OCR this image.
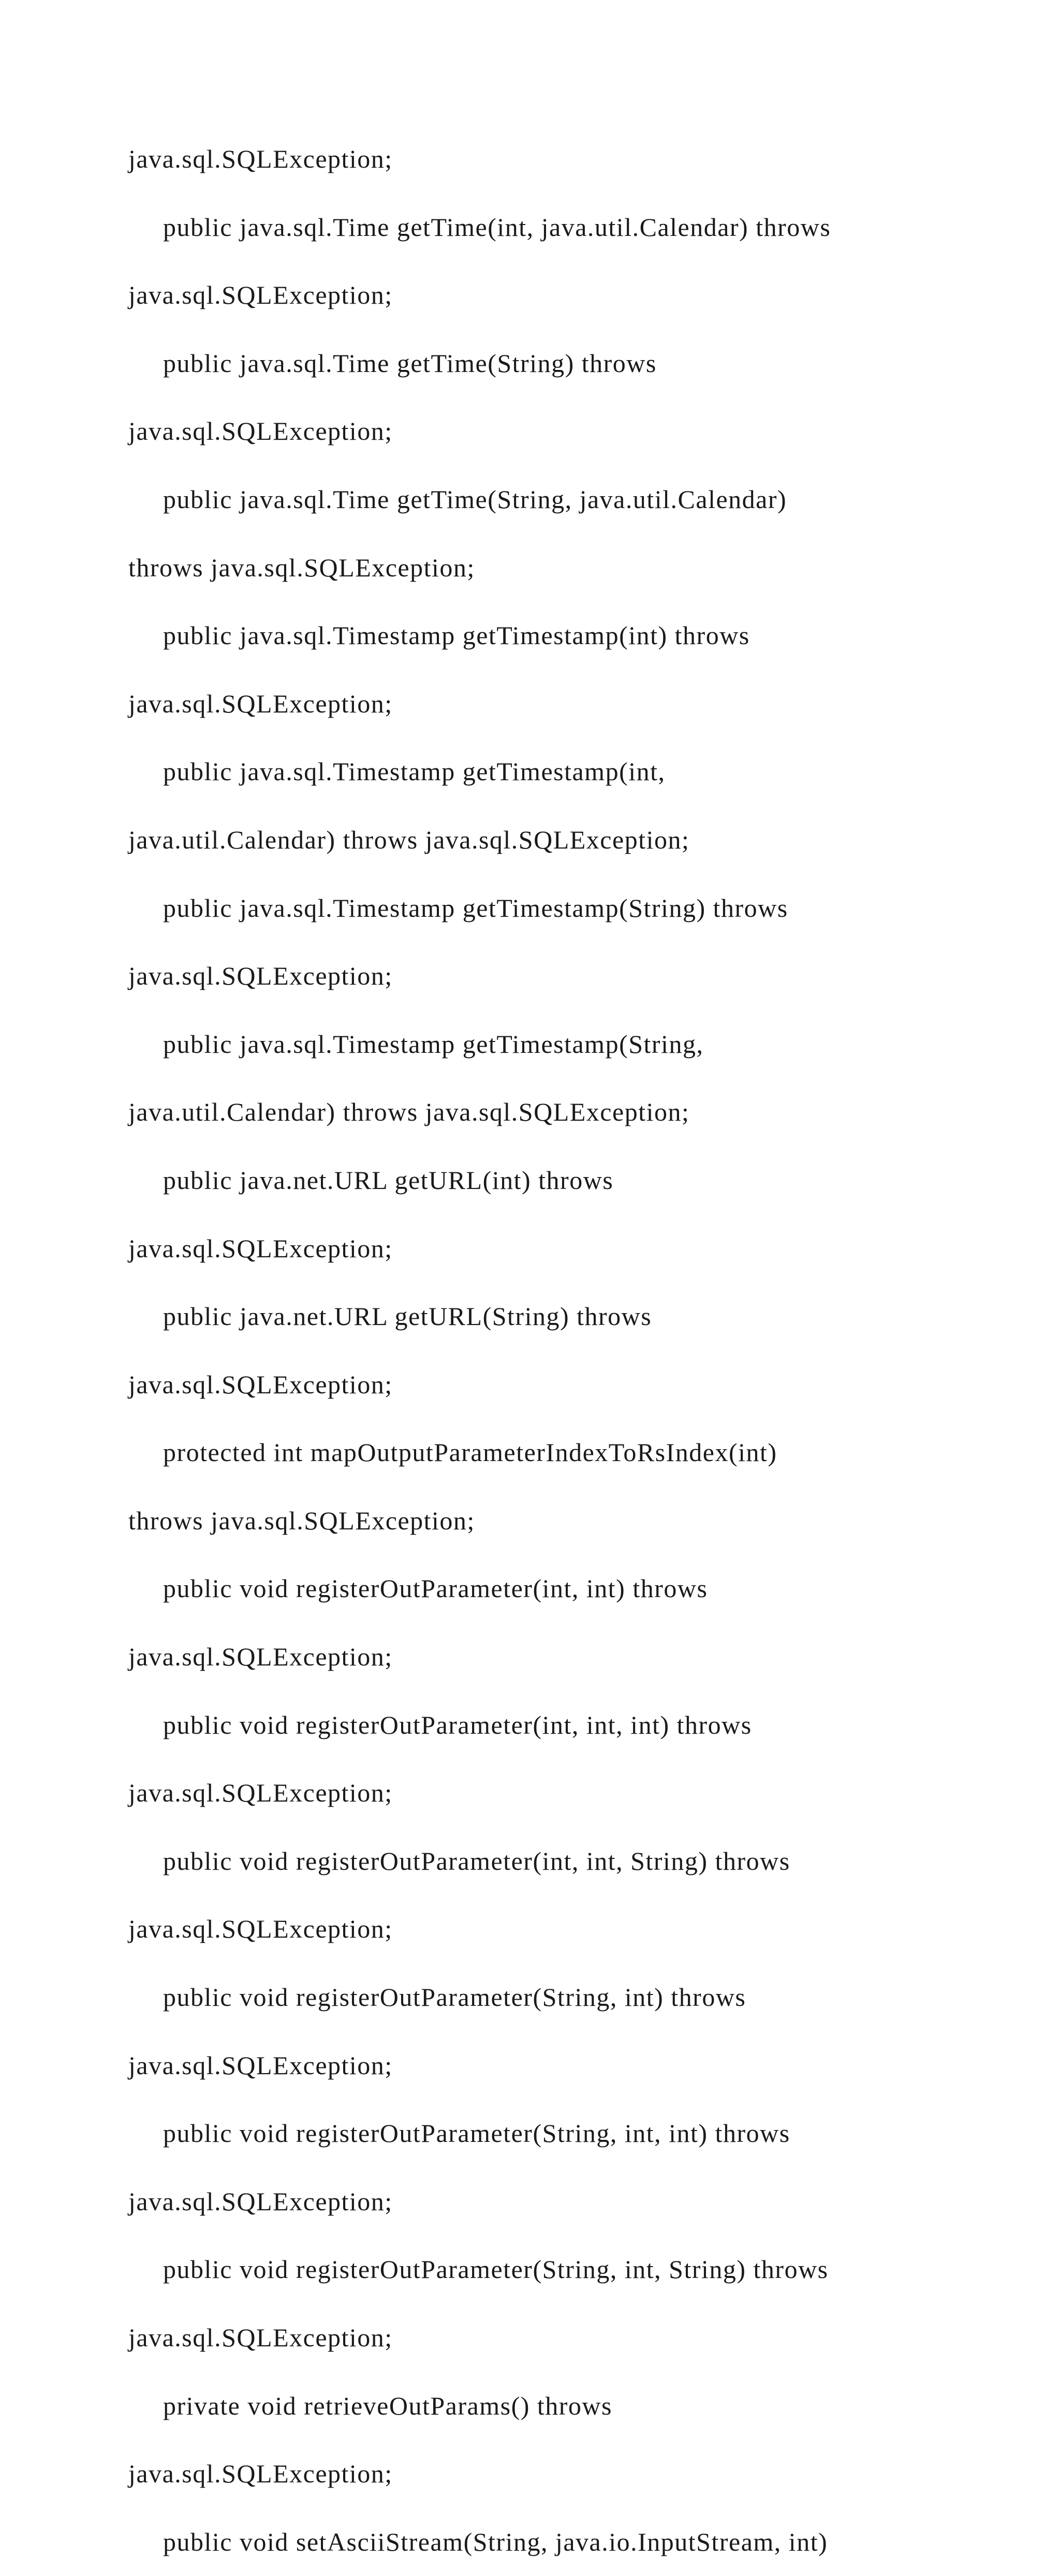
java.sql.SQLException;
public java.sql.Time getTime(int, java.util.Calendar) throws
java.sql.SQLException;
public java.sql.Time getTime(String) throws
java.sql.SQLException;
public java.sql.Time getTime(String, java.util.Calendar)
throws java.sql.SQLException;
public java.sql.Timestamp getTimestamp(int) throws
java.sql.SQLException;
public java.sql.Timestamp getTimestamp(int,
java.util.Calendar) throws java.sql.SQLException;
public java.sql.Timestamp getTimestamp(String) throws
java.sql.SQLException;
public java.sql.Timestamp getTimestamp(String,
java.util.Calendar) throws java.sql.SQLException;
public java.net.URL getURL(int) throws
java.sql.SQLException;
public java.net.URL getURL(String) throws
java.sql.SQLException;
protected int mapOutputParameterIndexToRsIndex(int)
throws java.sql.SQLException;
public void registerOutParameter(int, int) throws
java.sql.SQLException;
public void registerOutParameter(int, int, int) throws
java.sql.SQLException;
public void registerOutParameter(int, int, String) throws
java.sql.SQLException;
public void registerOutParameter(String, int) throws
java.sql.SQLException;
public void registerOutParameter(String, int, int) throws
java.sql.SQLException;
public void registerOutParameter(String, int, String) throws
java.sql.SQLException;
private void retrieveOutParams() throws
java.sql.SQLException;
public void setAsciiStream(String, java.io.InputStream, int)
